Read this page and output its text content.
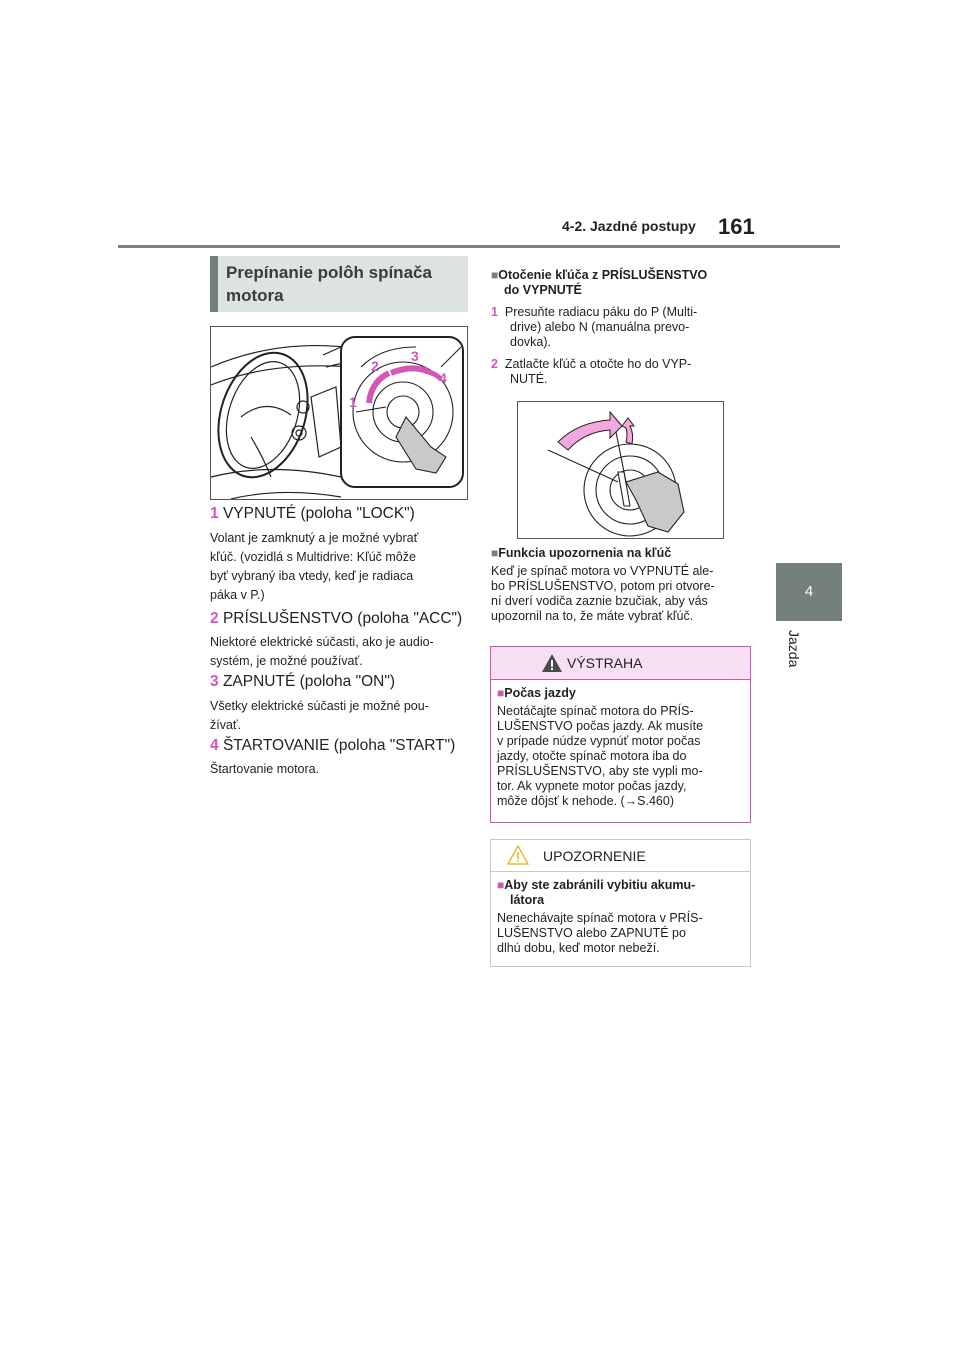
4-2. Jazdné postupy 161
4
Jazda
Prepínanie polôh spínača motora
1
2
3
4
1 VYPNUTÉ (poloha "LOCK")
Volant je zamknutý a je možné vybrať
kľúč. (vozidlá s Multidrive: Kľúč môže
byť vybraný iba vtedy, keď je radiaca
páka v P.)
2 PRÍSLUŠENSTVO (poloha "ACC")
Niektoré elektrické súčasti, ako je audio-
systém, je možné používať.
3 ZAPNUTÉ (poloha "ON")
Všetky elektrické súčasti je možné pou-
žívať.
4 ŠTARTOVANIE (poloha "START")
Štartovanie motora.
■Otočenie kľúča z PRÍSLUŠENSTVO
do VYPNUTÉ
1 Presuňte radiacu páku do P (Multi-
drive) alebo N (manuálna prevo-
dovka).
2 Zatlačte kľúč a otočte ho do VYP-
NUTÉ.
■Funkcia upozornenia na kľúč
Keď je spínač motora vo VYPNUTÉ ale-
bo PRÍSLUŠENSTVO, potom pri otvore-
ní dverí vodiča zaznie bzučiak, aby vás
upozornil na to, že máte vybrať kľúč.
VÝSTRAHA
■Počas jazdy
Neotáčajte spínač motora do PRÍS-
LUŠENSTVO počas jazdy. Ak musíte
v prípade núdze vypnúť motor počas
jazdy, otočte spínač motora iba do
PRÍSLUŠENSTVO, aby ste vypli mo-
tor. Ak vypnete motor počas jazdy,
môže dôjsť k nehode. (→S.460)
UPOZORNENIE
■Aby ste zabránili vybitiu akumu-
látora
Nenechávajte spínač motora v PRÍS-
LUŠENSTVO alebo ZAPNUTÉ po
dlhú dobu, keď motor nebeží.
